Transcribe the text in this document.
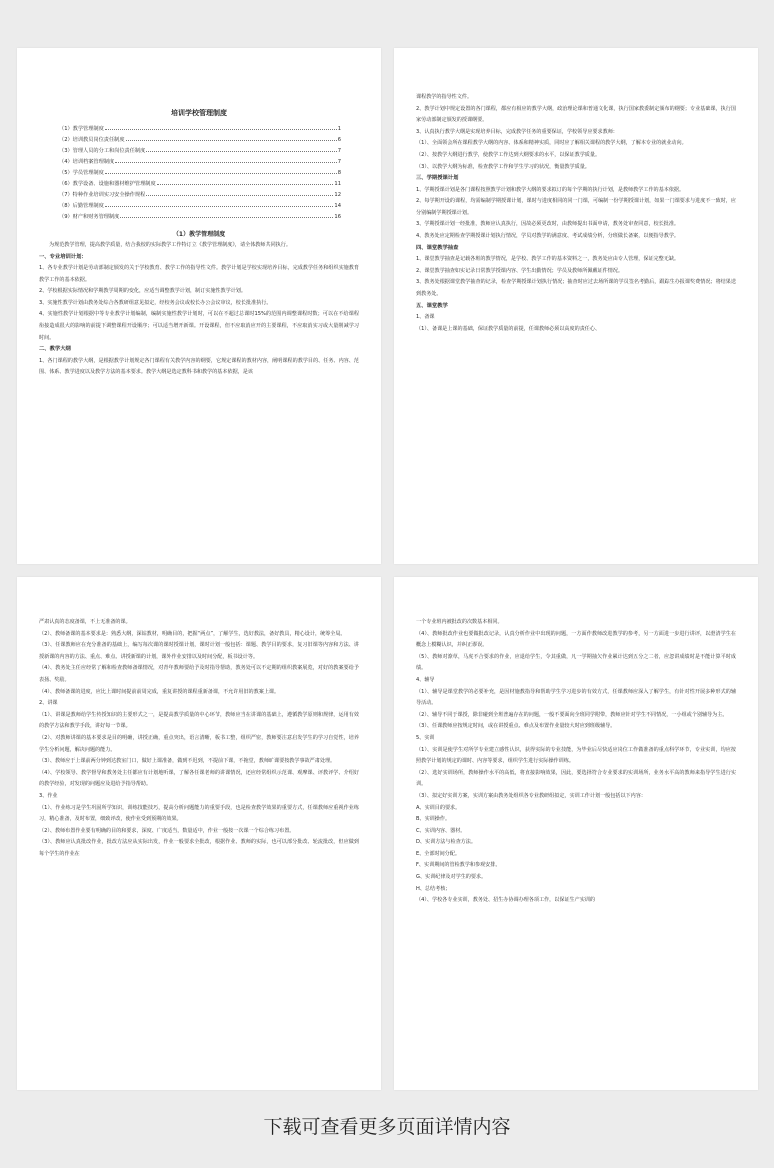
培训学校管理制度
（1）教学管理制度	1
（2）培训教员岗位责任制度	6
（3）管理人员的分工和岗位责任制度	7
（4）培训档案管理制度	7
（5）学员管理制度	8
（6）教学设备、设施和器材维护管理制度	11
（7）特种作业培训实习安全操作规程	12
（8）后勤管理制度	14
（9）财产和财务管理制度	16
（1）教学管理制度

为规范教学管理，提高教学质量，结合我校的实际教学工作特订立《教学管理制度》，请全体教师共同执行。

一、专业培训计划：

1、各专业教学计划是劳动部制定颁发的关于学校教育、教学工作的指导性文件。教学计划是学校实现培养目标，完成教学任务和组织实施教育教学工作的基本依据。

2、学校根据实际情况和学期教学周期的变化，应适当调整教学计划，制订实施性教学计划。

3、实施性教学计划由教务处综合各教研组意见拟定，经校务会议或校长办公会议审议，校长批准执行。

4、实施性教学计划根据中等专业教学计划编制，编制实施性教学计划时，可以在不超过总课时15%的范围内调整课程时数；可以在不给课程衔接造成很大的影响的前提下调整课程开设顺序；可以适当增开新课。开设课程，但不应取消应开的主要课程，不应取消实习或大量削减学习时间。

二、教学大纲

1、各门课程的教学大纲，是根据教学计划规定各门课程有关教学内容的纲要，它规定课程的教材内容，阐明课程的教学目的、任务、内容、范围、体系、教学进度以及教学方法的基本要求。教学大纲是选定教科书和教学的基本依据，是该

课程教学的指导性文件。

2、教学计划中规定设置的各门课程，都应有相应的教学大纲，政治理论课和普通文化课，执行国家教委制定颁布的纲要；专业基础课，执行国家劳动部制定颁发的授课纲要。

3、认真执行教学大纲是实现培养目标，完成教学任务的重要保证，学校领导应要求教师：

（1）、全面领会所在课程教学大纲的内容、体系和精神实质，同时应了解相关课程的教学大纲，了解本专业的就业动向。

（2）、按教学大纲进行教学，使教学工作达到大纲要求的水平，以保证教学质量。

（3）、以教学大纲为标准，检查教学工作和学生学习的状况，衡量教学质量。

三、学期授课计划

1、学期授课计划是各门课程按照教学计划和教学大纲的要求拟订的每个学期的执行计划，是教师教学工作的基本依据。

2、每学期开设的课程，均需编制学期授课计划，课时与进度相同的同一门课，可编制一份学期授课计划，如果一门课要求与进度不一致时，应分别编制学期授课计划。

3、学期授课计划一经批准，教师应认真执行，因故必须更改时，由教师提出书面申请，教务处审查同意，校长批准。

4、教务处应定期检查学期授课计划执行情况，学员对教学的满意度、考试成绩分析，分班做长备案，以便指导教学。

四、课堂教学抽查

1、课堂教学抽查是记载各班的教学情况，是学校、教学工作的基本资料之一，教务处应由专人管理，保证完整无缺。

2、课堂教学抽查如实记录日常教学授课内容、学生出勤情况；学员及教师所佩戴证件情况。

3、教务处根据课堂教学抽查的记录，检查学期授课计划执行情况；抽查时应过去场所课的学员签名考勤后，跟踪生办报课奖费情况；将结果送到教务处。

五、课堂教学

1、备课

（1）、备课是上课的基础，保证教学质量的前提，任课教师必须以高度的责任心、

严肃认真的态度备课，不上无准备的课。

（2）、教师备课的基本要求是：熟悉大纲，深钻教材，明确目的，把握“两点”，了解学生，选好教法，备好教具，精心设计，统筹全局。

（3）、任课教师应在充分准备的基础上，编写每次课的课时授课计划，课时计划一般包括：课题、教学目的要求，复习旧课等内容和方法、讲授新课的内容的方法、重点、难点、讲授新课的计划，课外作业安排以及时间分配，板书设计等。

（4）、教务处主任应经常了解和检查教师备课情况，对青年教师要给予及时指导帮助，教务处可以不定期的组织教案展览，对好的教案要给予表扬、奖励。

（4）、教师备课的进度，应比上课时间提前前周完成，重复讲授的课程重新备课，不允许用旧的教案上课。

2、讲课

（1）、讲课是教师给学生传授知识的主要形式之一，是提高教学质量的中心环节，教师应当在讲课的基础上，遵循教学原则和规律，运用有效的教学方法和教学手段，讲好每一节课。

（2）、对教师讲课的基本要求是目的明确，讲授正确，重点突出，语言清晰，板书工整，组织严密，教师要注意启发学生的学习自觉性，培养学生分析问题，解决问题的能力。

（3）、教师应于上课前两分钟到达教室门口，做好上课准备，做到不迟到，不提前下课，不拖堂，教师旷课要按教学事故严肃处理。

（4）、学校领导、教学督导和教务处主任都应有计划地听课，了解各任课老师的讲课情况，还应经常组织示范课、观摩课、评教评学、介绍好的教学经验，对发现的问题应及进给予指导帮助。

3、作业

（1）、作业练习是学生巩固所学知识，训练技能技巧，提高分析问题能力的重要手段，也是检查教学效果的重要方式，任课教师应重视作业练习，精心准备，及时布置，细致评改，使作业受到预期的效果。

（2）、教师布置作业要有明确的目的和要求，深度、广度适当，数量适中，作业一般按一次课一个综合练习布置。

（3）、教师应认真批改作业，批改方法应从实际出发，作业一般要求全批改，根据作业、教师的实际，也可以部分批改、轮流批改，但应做到每个学生的作业在

一个专业班内被批改的次数基本相同。

（4）、教师批改作业也要做批改记录，认真分析作业中出现的问题，一方面作教师改进教学的参考，另一方面进一步进行讲评，以澄清学生在概念上模糊认识，并纠正谬误。

（5）、教师对潦草，马虎不合要求的作业，应退给学生，令其重做，凡一学期抽欠作业累计达到五分之二者，应忽讲成绩时是不能计算平时成绩。

4、辅导

（1）、辅导是课堂教学的必要补充，是因材施教指导和帮助学生学习进步的有效方式，任课教师应深入了解学生，有针对性开展多种形式的辅导活动。

（2）、辅导不同于课授，除非碰到全班普遍存在的问题，一般不要面向全班同学附带，教师应针对学生不同情况，一小组或个别辅导为主。

（3）、任课教师应按规定时间，或在讲授重点、难点及布置作业量较大时应到班级辅导。

5、实训

（1）、实训是使学生对所学专业建立感性认识，获得实际的专业技能，为毕业后尽快适应岗位工作做准备的重点科学环节，专业实训，均应按照教学计划的规定的课时、内容等要求，组织学生进行实际操作训练。

（2）、选好实训场所，教师操作水平的高低，将直接影响效果，因此，要选择符合专业要求的实训场所，业务水平高的教师来指导学生进行实训。

（3）、拟定好实训方案，实训方案由教务处组织各专业教研组拟定，实训工作计划一般包括以下内容：

A、实训目的要求。

B、实训操作。

C、实训内容、器材。

D、实训方法与检查方法。

E、全部时间分配。

F、实训期间的管检教学和参观安排。

G、实训纪律及对学生的要求。

H、总结考核；

（4）、学校各专业实训，教务处、招生办协调办理各项工作，以保证生产实训的

下载可查看更多页面详情内容
